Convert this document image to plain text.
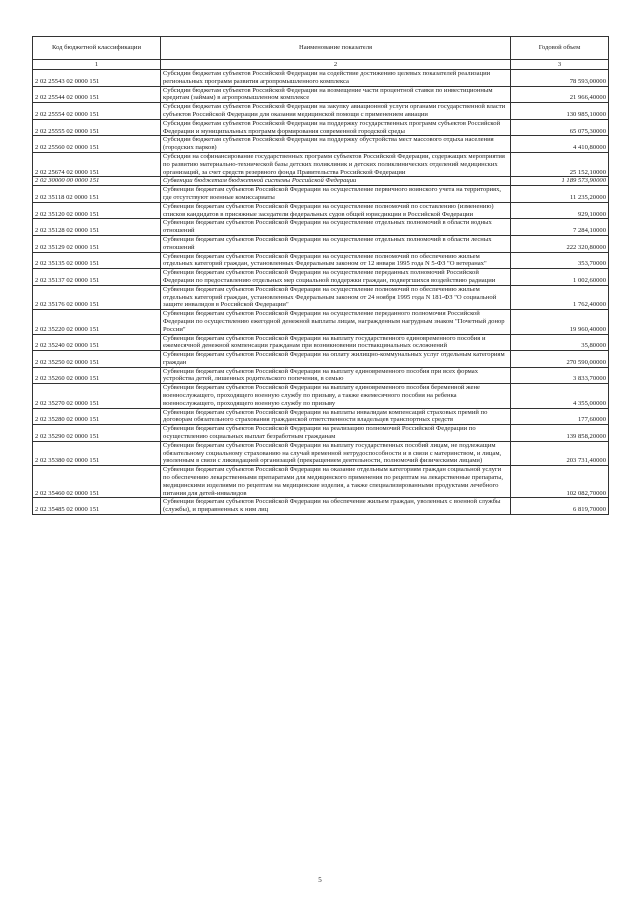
Код бюджетной классификации	Наименование показателя	Годовой объем
1	2	3
2 02 25543 02 0000 151	Субсидии бюджетам субъектов Российской Федерации на содействие достижению целевых показателей реализации региональных программ развития агропромышленного комплекса	78 593,00000
2 02 25544 02 0000 151	Субсидии бюджетам субъектов Российской Федерации на возмещение части процентной ставки по инвестиционным кредитам (займам) в агропромышленном комплексе	21 966,40000
2 02 25554 02 0000 151	Субсидии бюджетам субъектов Российской Федерации на закупку авиационной услуги органами государственной власти субъектов Российской Федерации для оказания медицинской помощи с применением авиации	130 985,10000
2 02 25555 02 0000 151	Субсидии бюджетам субъектов Российской Федерации на поддержку государственных программ субъектов Российской Федерации и муниципальных программ формирования современной городской среды	65 075,30000
2 02 25560 02 0000 151	Субсидии бюджетам субъектов Российской Федерации на поддержку обустройства мест массового отдыха населения (городских парков)	4 410,80000
2 02 25674 02 0000 151	Субсидии на софинансирование государственных программ субъектов Российской Федерации, содержащих мероприятия по развитию материально-технической базы детских поликлиник и детских поликлинических отделений медицинских организаций, за счет средств резервного фонда Правительства Российской Федерации	25 152,10000
2 02 30000 00 0000 151	Субвенции бюджетам бюджетной системы Российской Федерации	1 189 573,90000
2 02 35118 02 0000 151	Субвенции бюджетам субъектов Российской Федерации на осуществление первичного воинского учета на территориях, где отсутствуют военные комиссариаты	11 235,20000
2 02 35120 02 0000 151	Субвенции бюджетам субъектов Российской Федерации на осуществление полномочий по составлению (изменению) списков кандидатов в присяжные заседатели федеральных судов общей юрисдикции в Российской Федерации	929,10000
2 02 35128 02 0000 151	Субвенции бюджетам субъектов Российской Федерации на осуществление отдельных полномочий в области водных отношений	7 284,10000
2 02 35129 02 0000 151	Субвенции бюджетам субъектов Российской Федерации на осуществление отдельных полномочий в области лесных отношений	222 320,80000
2 02 35135 02 0000 151	Субвенции бюджетам субъектов Российской Федерации на осуществление полномочий по обеспечению жильем отдельных категорий граждан, установленных Федеральным законом от 12 января 1995 года N 5-ФЗ "О ветеранах"	353,70000
2 02 35137 02 0000 151	Субвенции бюджетам субъектов Российской Федерации на осуществление переданных полномочий Российской Федерации по предоставлению отдельных мер социальной поддержки граждан, подвергшихся воздействию радиации	1 002,60000
2 02 35176 02 0000 151	Субвенции бюджетам субъектов Российской Федерации на осуществление полномочий по обеспечению жильем отдельных категорий граждан, установленных Федеральным законом от 24 ноября 1995 года N 181-ФЗ "О социальной защите инвалидов в Российской Федерации"	1 762,40000
2 02 35220 02 0000 151	Субвенции бюджетам субъектов Российской Федерации на осуществление переданного полномочия Российской Федерации по осуществлению ежегодной денежной выплаты лицам, награжденным нагрудным знаком "Почетный донор России"	19 960,40000
2 02 35240 02 0000 151	Субвенции бюджетам субъектов Российской Федерации на выплату государственного единовременного пособия и ежемесячной денежной компенсации гражданам при возникновении поствакцинальных осложнений	35,80000
2 02 35250 02 0000 151	Субвенции бюджетам субъектов Российской Федерации на оплату жилищно-коммунальных услуг отдельным категориям граждан	270 590,00000
2 02 35260 02 0000 151	Субвенции бюджетам субъектов Российской Федерации на выплату единовременного пособия при всех формах устройства детей, лишенных родительского попечения, в семью	3 833,70000
2 02 35270 02 0000 151	Субвенции бюджетам субъектов Российской Федерации на выплату единовременного пособия беременной жене военнослужащего, проходящего военную службу по призыву, а также ежемесячного пособия на ребенка военнослужащего, проходящего военную службу по призыву	4 355,00000
2 02 35280 02 0000 151	Субвенции бюджетам субъектов Российской Федерации на выплаты инвалидам компенсаций страховых премий по договорам обязательного страхования гражданской ответственности владельцев транспортных средств	177,60000
2 02 35290 02 0000 151	Субвенции бюджетам субъектов Российской Федерации на реализацию полномочий Российской Федерации по осуществлению социальных выплат безработным гражданам	139 858,20000
2 02 35380 02 0000 151	Субвенции бюджетам субъектов Российской Федерации на выплату государственных пособий лицам, не подлежащим обязательному социальному страхованию на случай временной нетрудоспособности и в связи с материнством, и лицам, уволенным в связи с ликвидацией организаций (прекращением деятельности, полномочий физическими лицами)	203 731,40000
2 02 35460 02 0000 151	Субвенции бюджетам субъектов Российской Федерации на оказание отдельным категориям граждан социальной услуги по обеспечению лекарственными препаратами для медицинского применения по рецептам на лекарственные препараты, медицинскими изделиями по рецептам на медицинские изделия, а также специализированными продуктами лечебного питания для детей-инвалидов	102 082,70000
2 02 35485 02 0000 151	Субвенции бюджетам субъектов Российской Федерации на обеспечение жильем граждан, уволенных с военной службы (службы), и приравненных к ним лиц	6 819,70000
5
